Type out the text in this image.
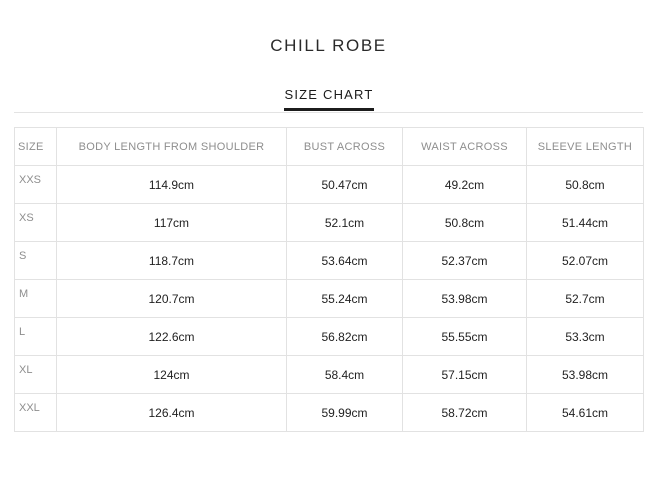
CHILL ROBE
SIZE CHART
SIZE	BODY LENGTH FROM SHOULDER	BUST ACROSS	WAIST ACROSS	SLEEVE LENGTH
XXS	114.9cm	50.47cm	49.2cm	50.8cm
XS	117cm	52.1cm	50.8cm	51.44cm
S	118.7cm	53.64cm	52.37cm	52.07cm
M	120.7cm	55.24cm	53.98cm	52.7cm
L	122.6cm	56.82cm	55.55cm	53.3cm
XL	124cm	58.4cm	57.15cm	53.98cm
XXL	126.4cm	59.99cm	58.72cm	54.61cm
